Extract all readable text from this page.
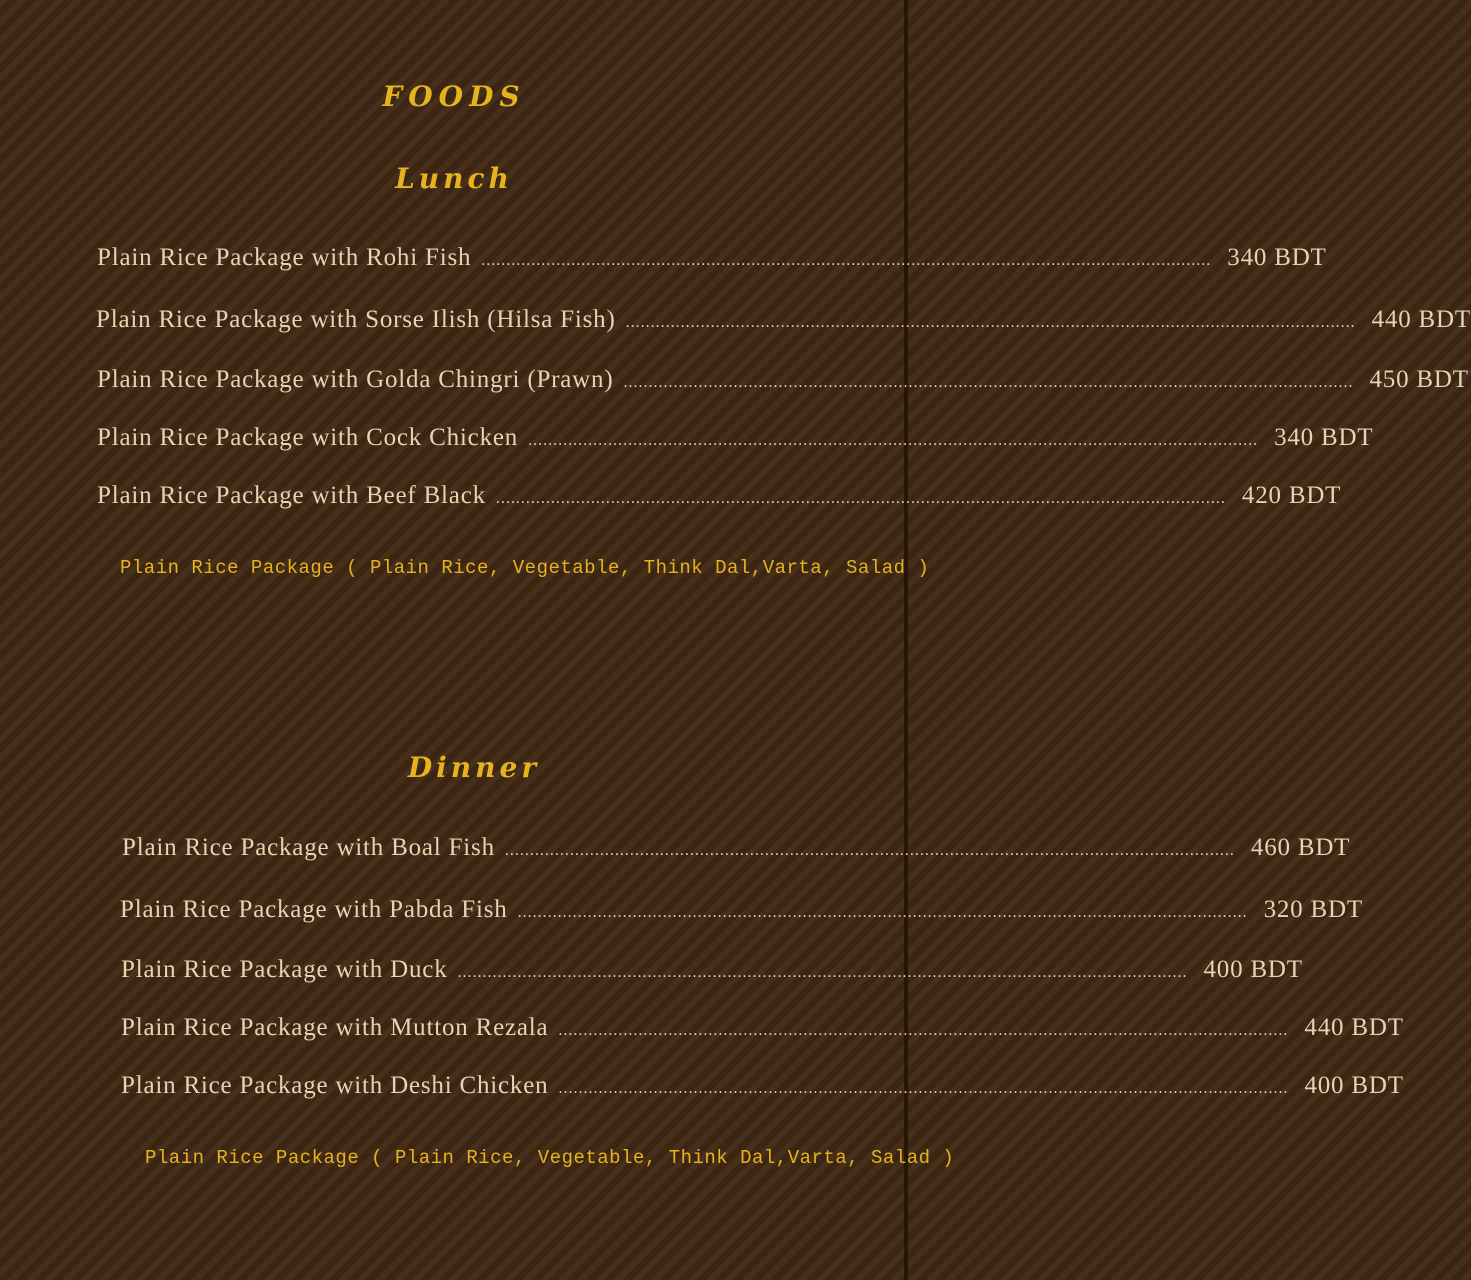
FOODS
Lunch
Plain Rice Package with Rohi Fish .................................................................................................................................................. 340 BDT
Plain Rice Package with Sorse Ilish (Hilsa Fish) .................................................................................................................................................. 440 BDT
Plain Rice Package with Golda Chingri (Prawn) .................................................................................................................................................. 450 BDT
Plain Rice Package with Cock Chicken .................................................................................................................................................. 340 BDT
Plain Rice Package with Beef Black .................................................................................................................................................. 420 BDT
Plain Rice Package ( Plain Rice, Vegetable, Think Dal,Varta, Salad )
Dinner
Plain Rice Package with Boal Fish .................................................................................................................................................. 460 BDT
Plain Rice Package with Pabda Fish .................................................................................................................................................. 320 BDT
Plain Rice Package with Duck .................................................................................................................................................. 400 BDT
Plain Rice Package with Mutton Rezala .................................................................................................................................................. 440 BDT
Plain Rice Package with Deshi Chicken .................................................................................................................................................. 400 BDT
Plain Rice Package ( Plain Rice, Vegetable, Think Dal,Varta, Salad )
